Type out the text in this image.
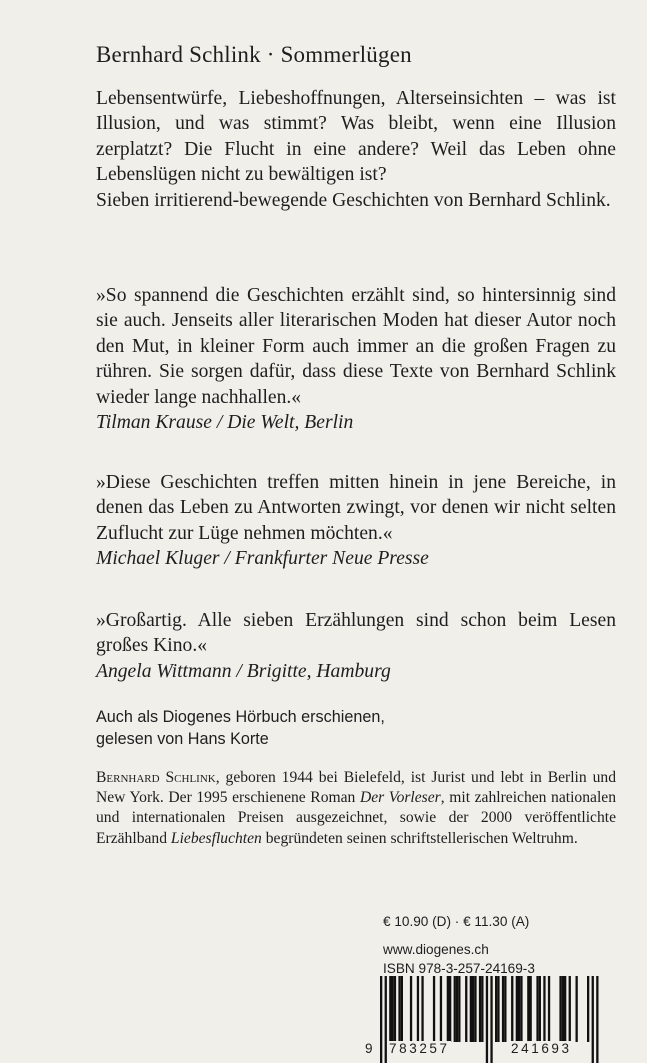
Bernhard Schlink · Sommerlügen

Lebensentwürfe, Liebeshoffnungen, Alterseinsichten – was ist Illusion, und was stimmt? Was bleibt, wenn eine Illusion zerplatzt? Die Flucht in eine andere? Weil das Leben ohne Lebenslügen nicht zu bewältigen ist?

Sieben irritierend-bewegende Geschichten von Bernhard Schlink.

»So spannend die Geschichten erzählt sind, so hintersinnig sind sie auch. Jenseits aller literarischen Moden hat dieser Autor noch den Mut, in kleiner Form auch immer an die großen Fragen zu rühren. Sie sorgen dafür, dass diese Texte von Bernhard Schlink wieder lange nachhallen.«

Tilman Krause / Die Welt, Berlin

»Diese Geschichten treffen mitten hinein in jene Bereiche, in denen das Leben zu Antworten zwingt, vor denen wir nicht selten Zuflucht zur Lüge nehmen möchten.«

Michael Kluger / Frankfurter Neue Presse

»Großartig. Alle sieben Erzählungen sind schon beim Lesen großes Kino.«

Angela Wittmann / Brigitte, Hamburg

Auch als Diogenes Hörbuch erschienen,
gelesen von Hans Korte
Bernhard Schlink, geboren 1944 bei Bielefeld, ist Jurist und lebt in Berlin und New York. Der 1995 erschienene Roman Der Vorleser, mit zahlreichen nationalen und internationalen Preisen ausgezeichnet, sowie der 2000 veröffentlichte Erzählband Liebesfluchten begründeten seinen schriftstellerischen Weltruhm.
€ 10.90 (D) · € 11.30 (A)
www.diogenes.ch
ISBN 978-3-257-24169-3
9 783257	241693
